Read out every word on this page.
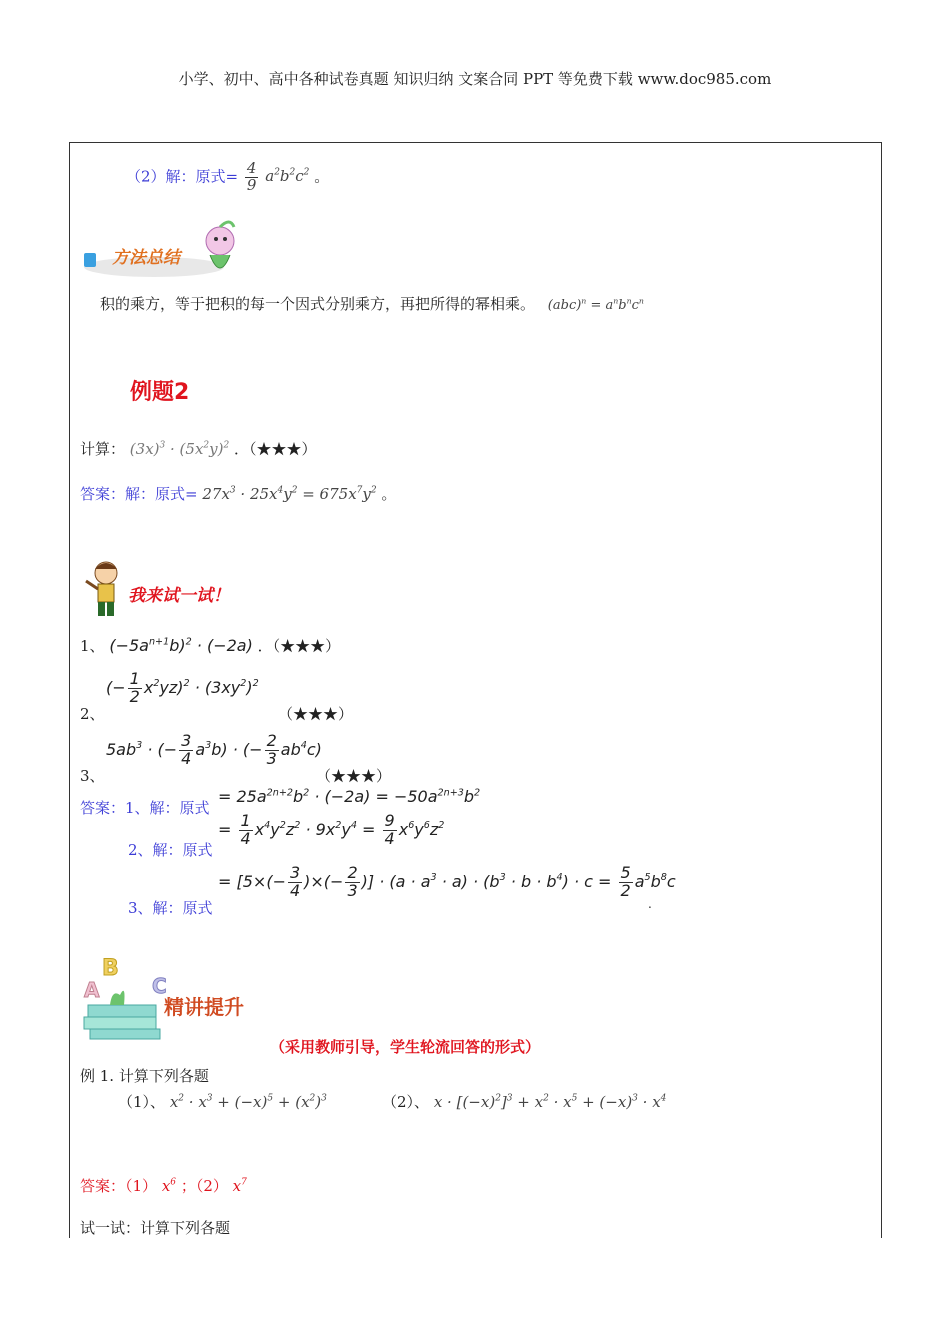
小学、初中、高中各种试卷真题 知识归纳 文案合同 PPT 等免费下载 www.doc985.com
（2）解：原式= $\frac{4}{9} a^2b^2c^2$ 。
方法总结
积的乘方，等于把积的每一个因式分别乘方，再把所得的幂相乘。 $(abc)^n = a^nb^nc^n$
例题2
计算： $(3x)^3 \cdot (5x^2y)^2$ ．（★★★）
答案：解：原式= $27x^3 \cdot 25x^4y^2 = 675x^7y^2$ 。
我来试一试！
1、 $(-5a^{n+1}b)^2 \cdot (-2a)$ ．（★★★）
2、
(− $\frac{1}{2} x^2yz)^2 \cdot (3xy^2)^2$
（★★★）
3、
$5ab^3$ · (− $\frac{3}{4} a^3b$) · (− $\frac{2}{3} ab^4c$)
（★★★）
答案：1、解：原式
= $25a^{2n+2}b^2 \cdot (-2a) = -50a^{2n+3}b^2$
= $\frac{1}{4} x^4y^2z^2 \cdot 9x^2y^4 = \frac{9}{4} x^6y^6z^2$
2、解：原式
= [$5\times(- \frac{3}{4}$ )×(− $\frac{2}{3}$ )] · $(a \cdot a^3 \cdot a) \cdot (b^3 \cdot b \cdot b^4) \cdot c = \frac{5}{2} a^5b^8c$
3、解：原式	.
B
A	C
精讲提升
（采用教师引导，学生轮流回答的形式）
例 1. 计算下列各题
（1）、 $x^2 \cdot x^3 + (-x)^5 + (x^2)^3$	（2）、 $x \cdot [(-x)^2]^3 + x^2 \cdot x^5 + (-x)^3 \cdot x^4$
答案：（1） $x^6$ ；（2） $x^7$
试一试：计算下列各题
